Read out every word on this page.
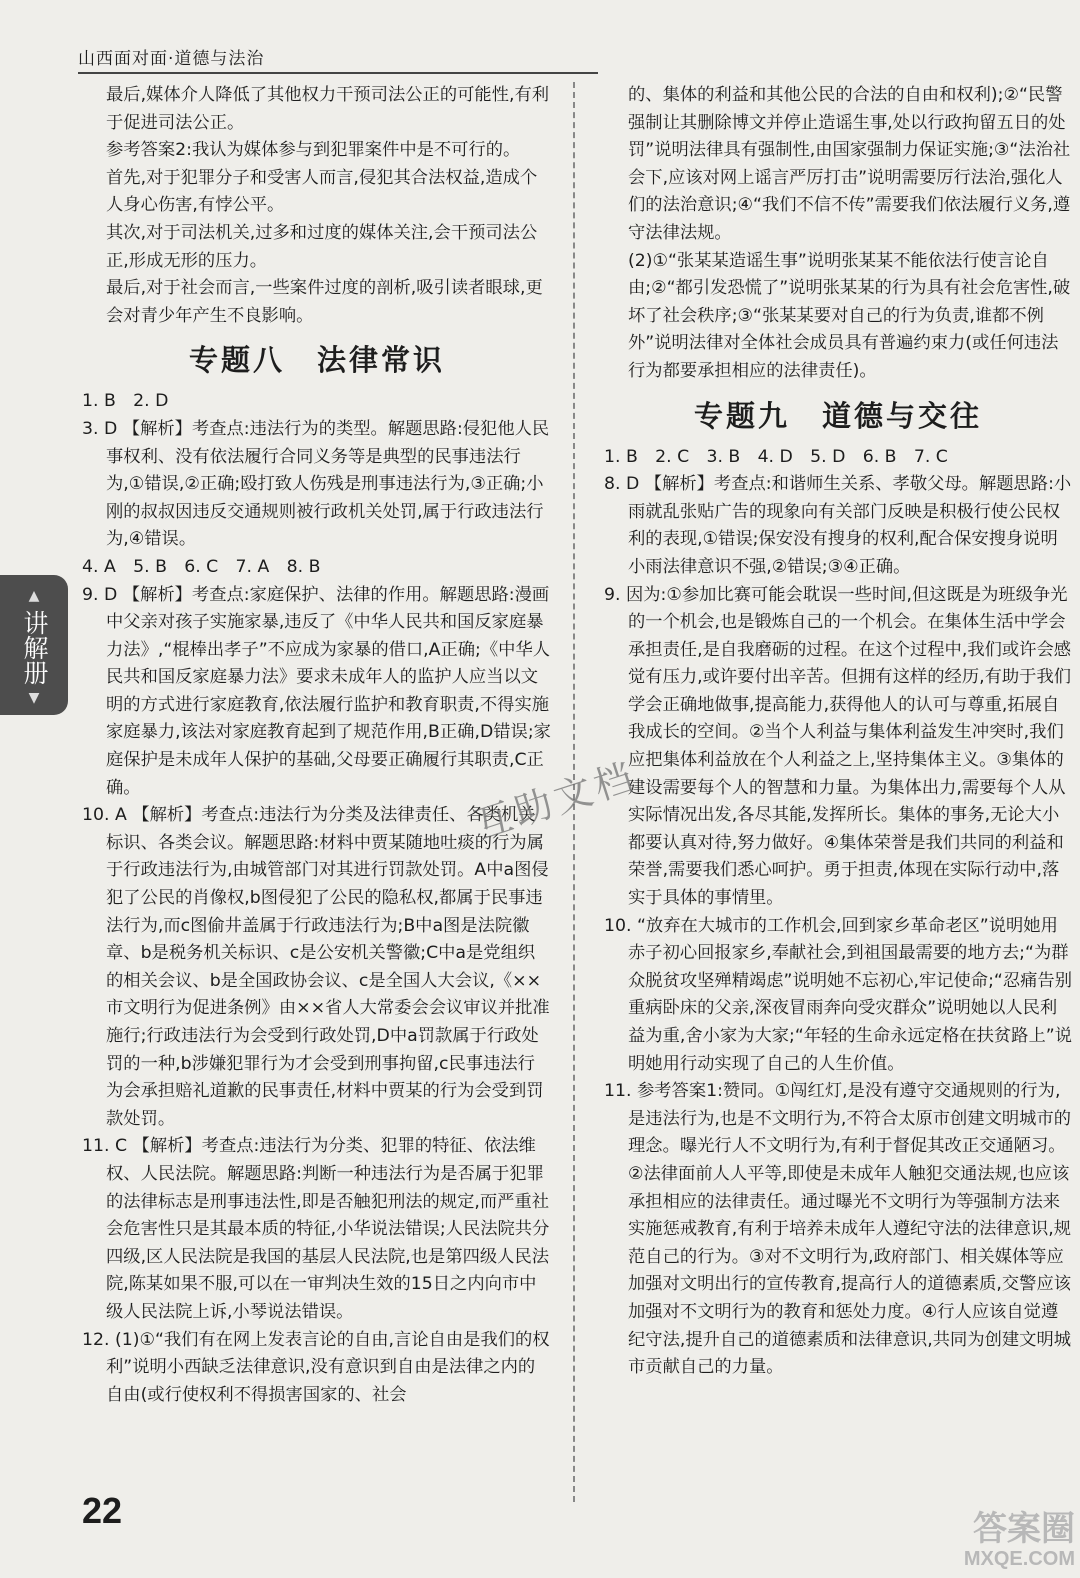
山西面对面·道德与法治

最后,媒体介人降低了其他权力干预司法公正的可能性,有利于促进司法公正。

参考答案2:我认为媒体参与到犯罪案件中是不可行的。

首先,对于犯罪分子和受害人而言,侵犯其合法权益,造成个人身心伤害,有悖公平。

其次,对于司法机关,过多和过度的媒体关注,会干预司法公正,形成无形的压力。

最后,对于社会而言,一些案件过度的剖析,吸引读者眼球,更会对青少年产生不良影响。

专题八　法律常识

1. B　2. D

3. D 【解析】考查点:违法行为的类型。解题思路:侵犯他人民事权利、没有依法履行合同义务等是典型的民事违法行为,①错误,②正确;殴打致人伤残是刑事违法行为,③正确;小刚的叔叔因违反交通规则被行政机关处罚,属于行政违法行为,④错误。

4. A　5. B　6. C　7. A　8. B

9. D 【解析】考查点:家庭保护、法律的作用。解题思路:漫画中父亲对孩子实施家暴,违反了《中华人民共和国反家庭暴力法》,“棍棒出孝子”不应成为家暴的借口,A正确;《中华人民共和国反家庭暴力法》要求未成年人的监护人应当以文明的方式进行家庭教育,依法履行监护和教育职责,不得实施家庭暴力,该法对家庭教育起到了规范作用,B正确,D错误;家庭保护是未成年人保护的基础,父母要正确履行其职责,C正确。

10. A 【解析】考查点:违法行为分类及法律责任、各类机关标识、各类会议。解题思路:材料中贾某随地吐痰的行为属于行政违法行为,由城管部门对其进行罚款处罚。A中a图侵犯了公民的肖像权,b图侵犯了公民的隐私权,都属于民事违法行为,而c图偷井盖属于行政违法行为;B中a图是法院徽章、b是税务机关标识、c是公安机关警徽;C中a是党组织的相关会议、b是全国政协会议、c是全国人大会议,《××市文明行为促进条例》由××省人大常委会会议审议并批准施行;行政违法行为会受到行政处罚,D中a罚款属于行政处罚的一种,b涉嫌犯罪行为才会受到刑事拘留,c民事违法行为会承担赔礼道歉的民事责任,材料中贾某的行为会受到罚款处罚。

11. C 【解析】考查点:违法行为分类、犯罪的特征、依法维权、人民法院。解题思路:判断一种违法行为是否属于犯罪的法律标志是刑事违法性,即是否触犯刑法的规定,而严重社会危害性只是其最本质的特征,小华说法错误;人民法院共分四级,区人民法院是我国的基层人民法院,也是第四级人民法院,陈某如果不服,可以在一审判决生效的15日之内向市中级人民法院上诉,小琴说法错误。

12. (1)①“我们有在网上发表言论的自由,言论自由是我们的权利”说明小西缺乏法律意识,没有意识到自由是法律之内的自由(或行使权利不得损害国家的、社会

的、集体的利益和其他公民的合法的自由和权利);②“民警强制让其删除博文并停止造谣生事,处以行政拘留五日的处罚”说明法律具有强制性,由国家强制力保证实施;③“法治社会下,应该对网上谣言严厉打击”说明需要厉行法治,强化人们的法治意识;④“我们不信不传”需要我们依法履行义务,遵守法律法规。

(2)①“张某某造谣生事”说明张某某不能依法行使言论自由;②“都引发恐慌了”说明张某某的行为具有社会危害性,破坏了社会秩序;③“张某某要对自己的行为负责,谁都不例外”说明法律对全体社会成员具有普遍约束力(或任何违法行为都要承担相应的法律责任)。

专题九　道德与交往

1. B　2. C　3. B　4. D　5. D　6. B　7. C

8. D 【解析】考查点:和谐师生关系、孝敬父母。解题思路:小雨就乱张贴广告的现象向有关部门反映是积极行使公民权利的表现,①错误;保安没有搜身的权利,配合保安搜身说明小雨法律意识不强,②错误;③④正确。

9. 因为:①参加比赛可能会耽误一些时间,但这既是为班级争光的一个机会,也是锻炼自己的一个机会。在集体生活中学会承担责任,是自我磨砺的过程。在这个过程中,我们或许会感觉有压力,或许要付出辛苦。但拥有这样的经历,有助于我们学会正确地做事,提高能力,获得他人的认可与尊重,拓展自我成长的空间。②当个人利益与集体利益发生冲突时,我们应把集体利益放在个人利益之上,坚持集体主义。③集体的建设需要每个人的智慧和力量。为集体出力,需要每个人从实际情况出发,各尽其能,发挥所长。集体的事务,无论大小都要认真对待,努力做好。④集体荣誉是我们共同的利益和荣誉,需要我们悉心呵护。勇于担责,体现在实际行动中,落实于具体的事情里。

10. “放弃在大城市的工作机会,回到家乡革命老区”说明她用赤子初心回报家乡,奉献社会,到祖国最需要的地方去;“为群众脱贫攻坚殚精竭虑”说明她不忘初心,牢记使命;“忍痛告别重病卧床的父亲,深夜冒雨奔向受灾群众”说明她以人民利益为重,舍小家为大家;“年轻的生命永远定格在扶贫路上”说明她用行动实现了自己的人生价值。

11. 参考答案1:赞同。①闯红灯,是没有遵守交通规则的行为,是违法行为,也是不文明行为,不符合太原市创建文明城市的理念。曝光行人不文明行为,有利于督促其改正交通陋习。②法律面前人人平等,即使是未成年人触犯交通法规,也应该承担相应的法律责任。通过曝光不文明行为等强制方法来实施惩戒教育,有利于培养未成年人遵纪守法的法律意识,规范自己的行为。③对不文明行为,政府部门、相关媒体等应加强对文明出行的宣传教育,提高行人的道德素质,交警应该加强对不文明行为的教育和惩处力度。④行人应该自觉遵纪守法,提升自己的道德素质和法律意识,共同为创建文明城市贡献自己的力量。

▲
讲解册
▼
互助文档
22	答案圈
MXQE.COM
